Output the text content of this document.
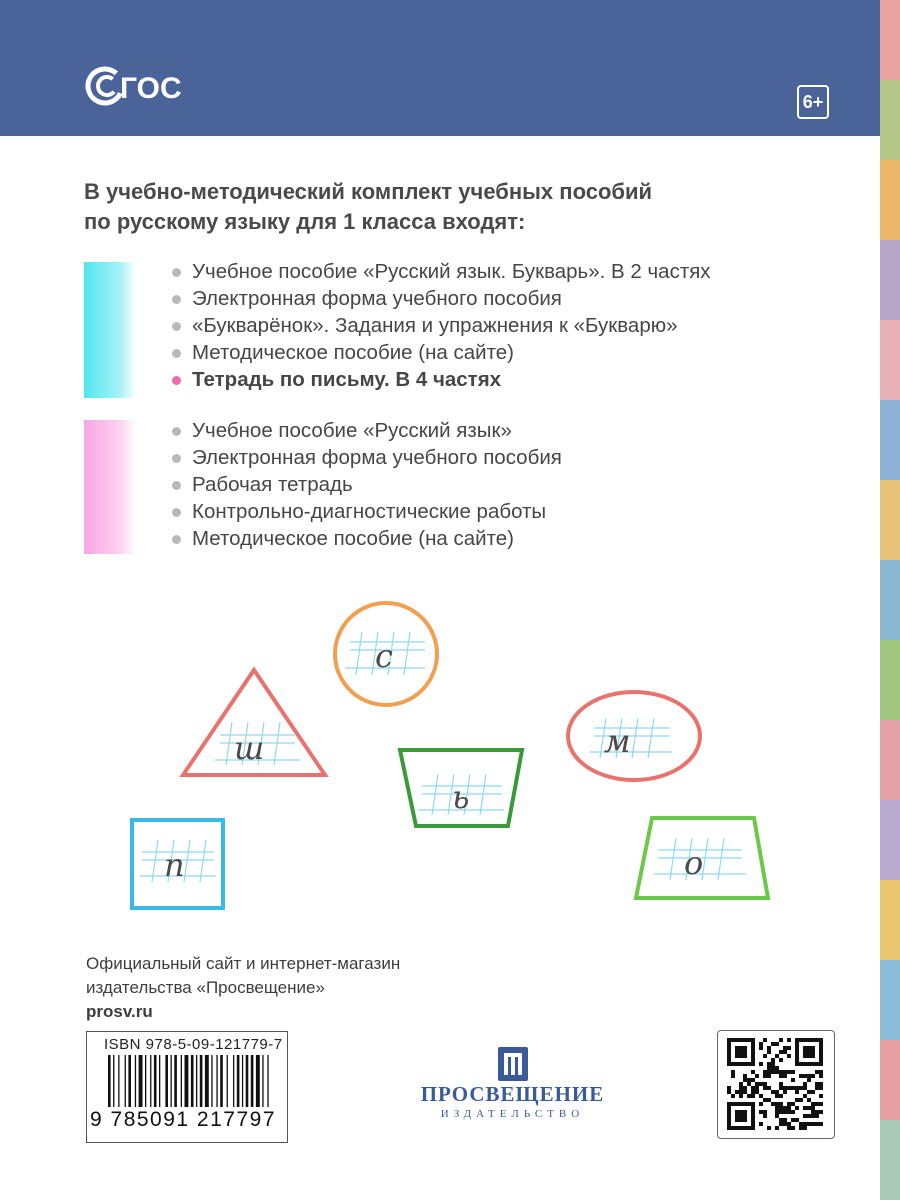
ГОС	6+
В учебно-методический комплект учебных пособий
по русскому языку для 1 класса входят:
Учебное пособие «Русский язык. Букварь». В 2 частях
Электронная форма учебного пособия
«Букварёнок». Задания и упражнения к «Букварю»
Методическое пособие (на сайте)
Тетрадь по письму. В 4 частях
Учебное пособие «Русский язык»
Электронная форма учебного пособия
Рабочая тетрадь
Контрольно-диагностические работы
Методическое пособие (на сайте)
с
ш	м
ь
п	о
Официальный сайт и интернет-магазин
издательства «Просвещение»
prosv.ru
ISBN 978-5-09-121779-7
9 785091 217797
ПРОСВЕЩЕНИЕ
ИЗДАТЕЛЬСТВО
